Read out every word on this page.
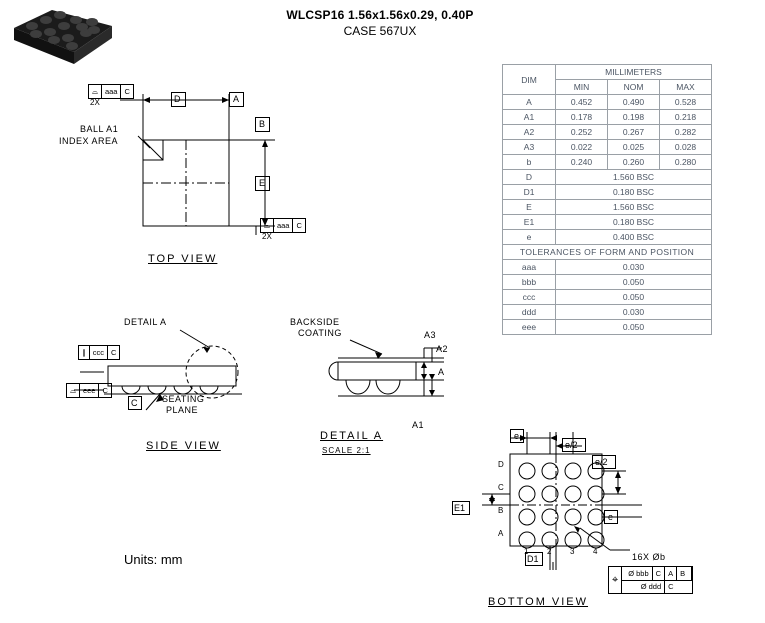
WLCSP16 1.56x1.56x0.29, 0.40P
CASE 567UX
DIM	MILLIMETERS		
	MIN	NOM	MAX
A	0.452	0.490	0.528
A1	0.178	0.198	0.218
A2	0.252	0.267	0.282
A3	0.022	0.025	0.028
b	0.240	0.260	0.280
D	1.560 BSC		
D1	0.180 BSC		
E	1.560 BSC		
E1	0.180 BSC		
e	0.400 BSC		
TOLERANCES OF FORM AND POSITION			
aaa	0.030		
bbb	0.050		
ccc	0.050		
ddd	0.030		
eee	0.050		
⌓ aaa C
2X	D	A
B
E
⌓ aaa C
2X
BALL A1
INDEX AREA
TOP VIEW
∥ ccc C
⌓ eee C
C
DETAIL A
SEATING
PLANE
SIDE VIEW
BACKSIDE
COATING	A3
A2
A
A1
DETAIL A
SCALE 2:1
e
e/2
e/2
e
E1
D1
D
C
B
A
1 2 3 4
16X Øb
⌖
Ø bbb C A B
Ø ddd C
BOTTOM VIEW
Units: mm
